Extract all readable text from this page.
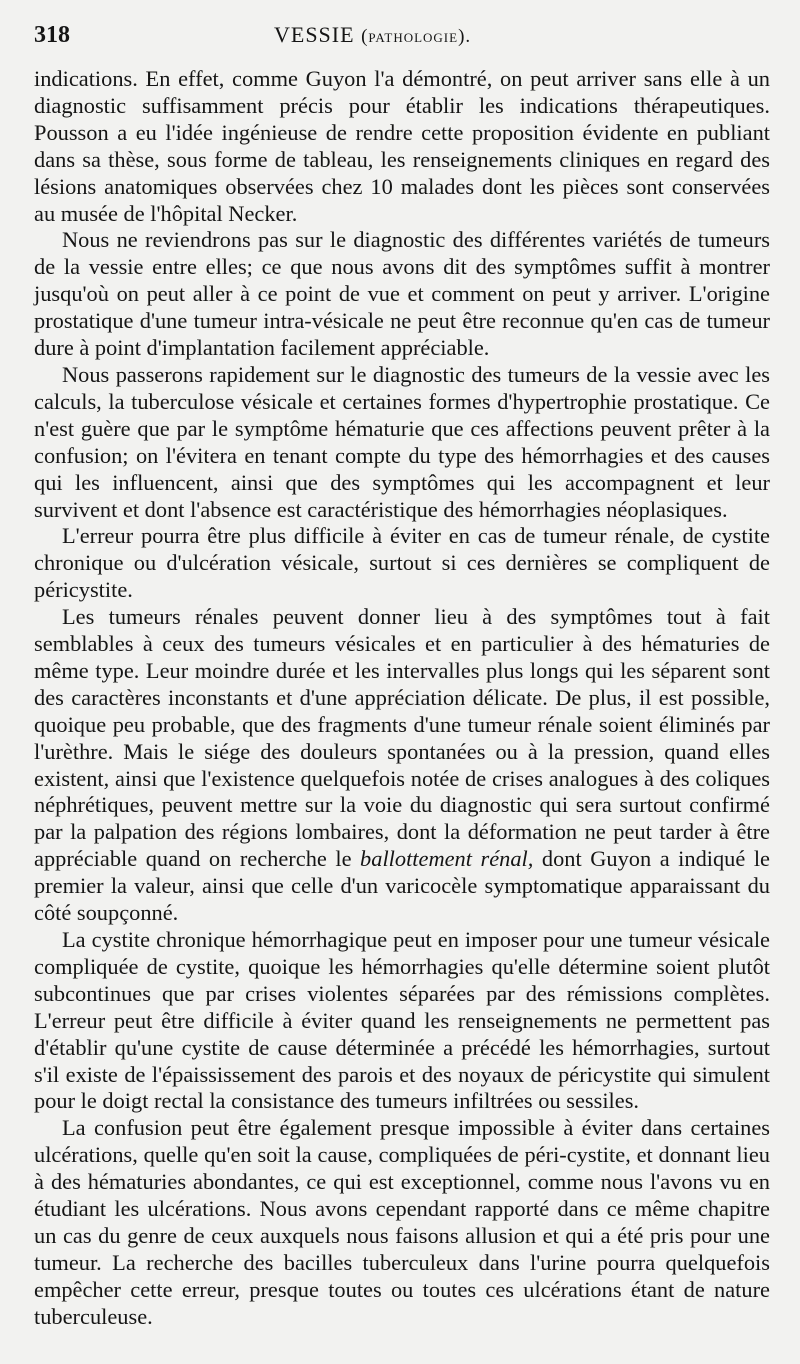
318	VESSIE (pathologie).

indications. En effet, comme Guyon l'a démontré, on peut arriver sans elle à un diagnostic suffisamment précis pour établir les indications thérapeutiques. Pousson a eu l'idée ingénieuse de rendre cette proposition évidente en publiant dans sa thèse, sous forme de tableau, les renseignements cliniques en regard des lésions anatomiques observées chez 10 malades dont les pièces sont conservées au musée de l'hôpital Necker.

Nous ne reviendrons pas sur le diagnostic des différentes variétés de tumeurs de la vessie entre elles; ce que nous avons dit des symptômes suffit à montrer jusqu'où on peut aller à ce point de vue et comment on peut y arriver. L'origine prostatique d'une tumeur intra-vésicale ne peut être reconnue qu'en cas de tumeur dure à point d'implantation facilement appréciable.

Nous passerons rapidement sur le diagnostic des tumeurs de la vessie avec les calculs, la tuberculose vésicale et certaines formes d'hypertrophie prostatique. Ce n'est guère que par le symptôme hématurie que ces affections peuvent prêter à la confusion; on l'évitera en tenant compte du type des hémorrhagies et des causes qui les influencent, ainsi que des symptômes qui les accompagnent et leur survivent et dont l'absence est caractéristique des hémorrhagies néoplasiques.

L'erreur pourra être plus difficile à éviter en cas de tumeur rénale, de cystite chronique ou d'ulcération vésicale, surtout si ces dernières se compliquent de péricystite.

Les tumeurs rénales peuvent donner lieu à des symptômes tout à fait semblables à ceux des tumeurs vésicales et en particulier à des hématuries de même type. Leur moindre durée et les intervalles plus longs qui les séparent sont des caractères inconstants et d'une appréciation délicate. De plus, il est possible, quoique peu probable, que des fragments d'une tumeur rénale soient éliminés par l'urèthre. Mais le siége des douleurs spontanées ou à la pression, quand elles existent, ainsi que l'existence quelquefois notée de crises analogues à des coliques néphrétiques, peuvent mettre sur la voie du diagnostic qui sera surtout confirmé par la palpation des régions lombaires, dont la déformation ne peut tarder à être appréciable quand on recherche le ballottement rénal, dont Guyon a indiqué le premier la valeur, ainsi que celle d'un varicocèle symptomatique apparaissant du côté soupçonné.

La cystite chronique hémorrhagique peut en imposer pour une tumeur vésicale compliquée de cystite, quoique les hémorrhagies qu'elle détermine soient plutôt subcontinues que par crises violentes séparées par des rémissions complètes. L'erreur peut être difficile à éviter quand les renseignements ne permettent pas d'établir qu'une cystite de cause déterminée a précédé les hémorrhagies, surtout s'il existe de l'épaississement des parois et des noyaux de péricystite qui simulent pour le doigt rectal la consistance des tumeurs infiltrées ou sessiles.

La confusion peut être également presque impossible à éviter dans certaines ulcérations, quelle qu'en soit la cause, compliquées de péri-cystite, et donnant lieu à des hématuries abondantes, ce qui est exceptionnel, comme nous l'avons vu en étudiant les ulcérations. Nous avons cependant rapporté dans ce même chapitre un cas du genre de ceux auxquels nous faisons allusion et qui a été pris pour une tumeur. La recherche des bacilles tuberculeux dans l'urine pourra quelquefois empêcher cette erreur, presque toutes ou toutes ces ulcérations étant de nature tuberculeuse.
